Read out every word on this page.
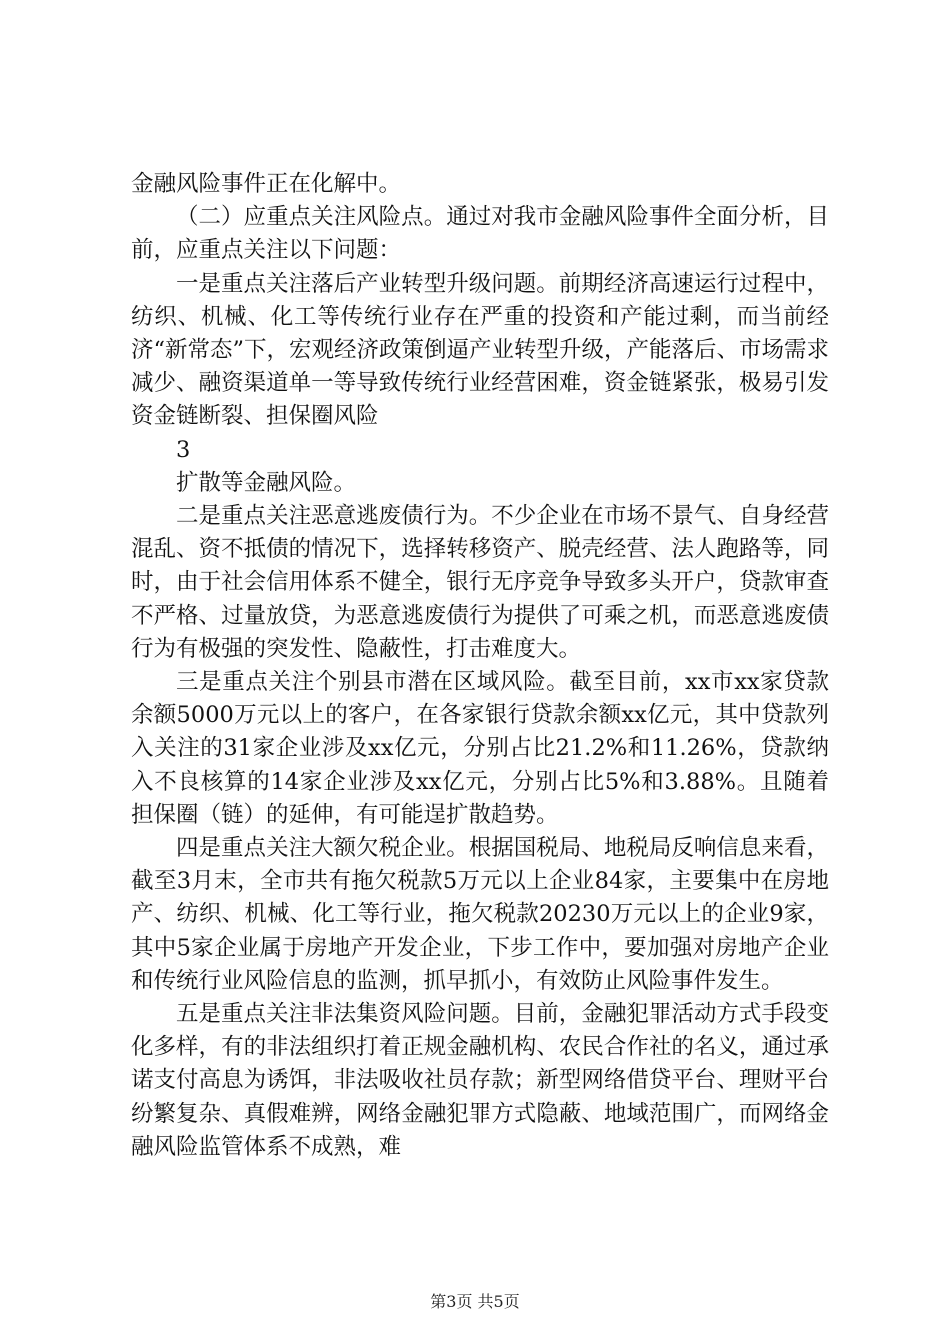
金融风险事件正在化解中。

（二）应重点关注风险点。通过对我市金融风险事件全面分析，目前，应重点关注以下问题：

一是重点关注落后产业转型升级问题。前期经济高速运行过程中，纺织、机械、化工等传统行业存在严重的投资和产能过剩，而当前经济“新常态”下，宏观经济政策倒逼产业转型升级，产能落后、市场需求减少、融资渠道单一等导致传统行业经营困难，资金链紧张，极易引发资金链断裂、担保圈风险

3

扩散等金融风险。

二是重点关注恶意逃废债行为。不少企业在市场不景气、自身经营混乱、资不抵债的情况下，选择转移资产、脱壳经营、法人跑路等，同时，由于社会信用体系不健全，银行无序竞争导致多头开户，贷款审查不严格、过量放贷，为恶意逃废债行为提供了可乘之机，而恶意逃废债行为有极强的突发性、隐蔽性，打击难度大。

三是重点关注个别县市潜在区域风险。截至目前，xx市xx家贷款余额5000万元以上的客户，在各家银行贷款余额xx亿元，其中贷款列入关注的31家企业涉及xx亿元，分别占比21.2%和11.26%，贷款纳入不良核算的14家企业涉及xx亿元，分别占比5%和3.88%。且随着担保圈（链）的延伸，有可能逞扩散趋势。

四是重点关注大额欠税企业。根据国税局、地税局反响信息来看，截至3月末，全市共有拖欠税款5万元以上企业84家，主要集中在房地产、纺织、机械、化工等行业，拖欠税款20230万元以上的企业9家，其中5家企业属于房地产开发企业，下步工作中，要加强对房地产企业和传统行业风险信息的监测，抓早抓小，有效防止风险事件发生。

五是重点关注非法集资风险问题。目前，金融犯罪活动方式手段变化多样，有的非法组织打着正规金融机构、农民合作社的名义，通过承诺支付高息为诱饵，非法吸收社员存款；新型网络借贷平台、理财平台纷繁复杂、真假难辨，网络金融犯罪方式隐蔽、地域范围广，而网络金融风险监管体系不成熟，难

第3页 共5页
